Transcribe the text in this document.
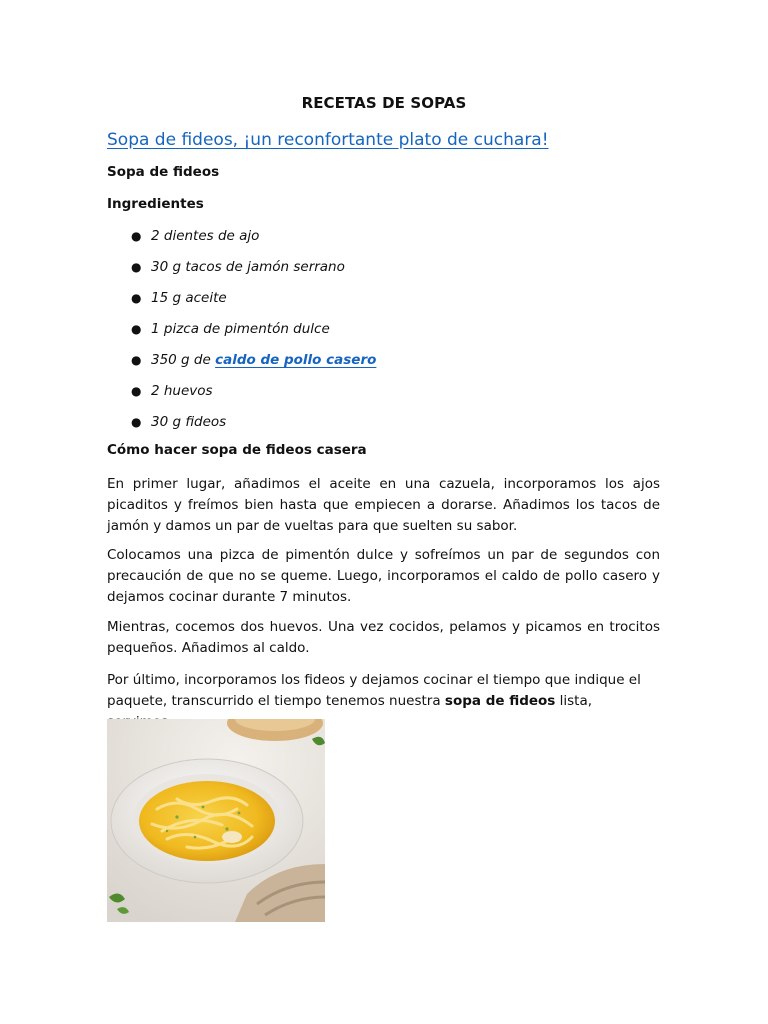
RECETAS DE SOPAS
Sopa de fideos, ¡un reconfortante plato de cuchara!
Sopa de fideos
Ingredientes
● 2 dientes de ajo
● 30 g tacos de jamón serrano
● 15 g aceite
● 1 pizca de pimentón dulce
● 350 g de caldo de pollo casero
● 2 huevos
● 30 g fideos
Cómo hacer sopa de fideos casera

En primer lugar, añadimos el aceite en una cazuela, incorporamos los ajos picaditos y freímos bien hasta que empiecen a dorarse. Añadimos los tacos de jamón y damos un par de vueltas para que suelten su sabor.

Colocamos una pizca de pimentón dulce y sofreímos un par de segundos con precaución de que no se queme. Luego, incorporamos el caldo de pollo casero y dejamos cocinar durante 7 minutos.

Mientras, cocemos dos huevos. Una vez cocidos, pelamos y picamos en trocitos pequeños. Añadimos al caldo.

Por último, incorporamos los fideos y dejamos cocinar el tiempo que indique el paquete, transcurrido el tiempo tenemos nuestra sopa de fideos lista,
